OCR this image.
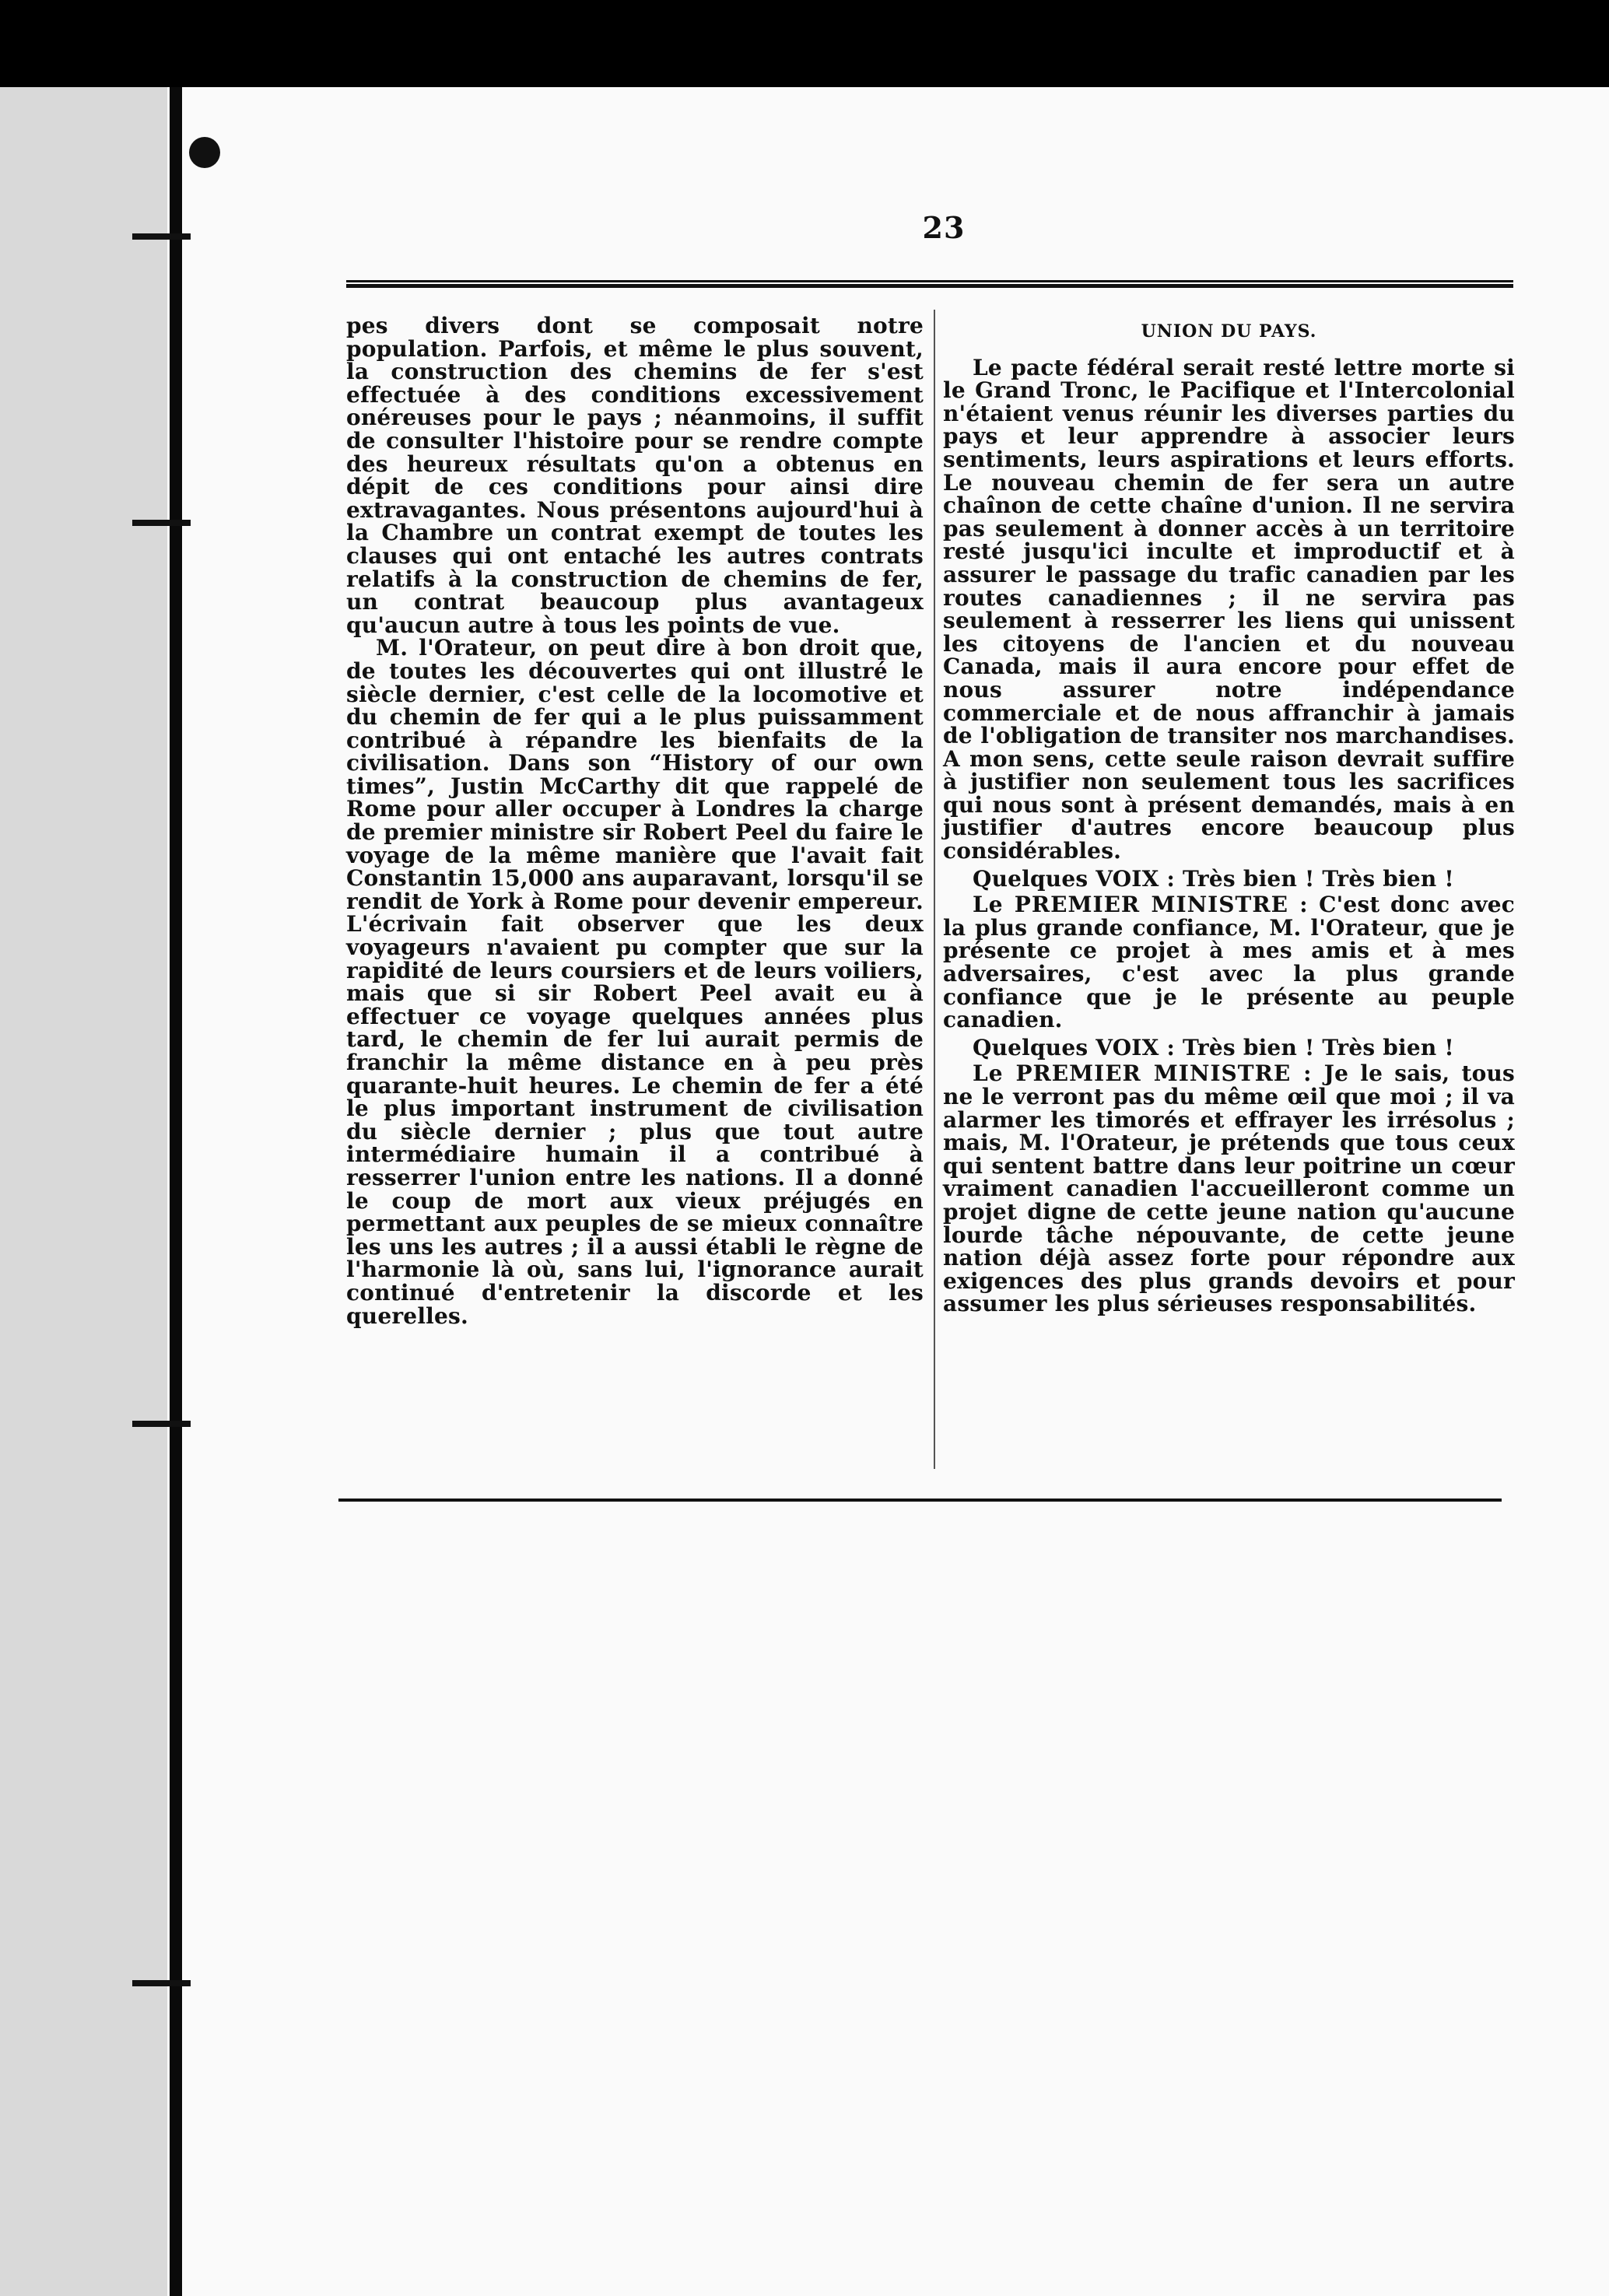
23

pes divers dont se composait notre population. Parfois, et même le plus souvent, la construction des chemins de fer s'est effectuée à des conditions excessivement onéreuses pour le pays ; néanmoins, il suffit de consulter l'histoire pour se rendre compte des heureux résultats qu'on a obtenus en dépit de ces conditions pour ainsi dire extravagantes. Nous présentons aujourd'hui à la Chambre un contrat exempt de toutes les clauses qui ont entaché les autres contrats relatifs à la construction de chemins de fer, un contrat beaucoup plus avantageux qu'aucun autre à tous les points de vue.

M. l'Orateur, on peut dire à bon droit que, de toutes les découvertes qui ont illustré le siècle dernier, c'est celle de la locomotive et du chemin de fer qui a le plus puissamment contribué à répandre les bienfaits de la civilisation. Dans son “History of our own times”, Justin McCarthy dit que rappelé de Rome pour aller occuper à Londres la charge de premier ministre sir Robert Peel du faire le voyage de la même manière que l'avait fait Constantin 15,000 ans auparavant, lorsqu'il se rendit de York à Rome pour devenir empereur. L'écrivain fait observer que les deux voyageurs n'avaient pu compter que sur la rapidité de leurs coursiers et de leurs voiliers, mais que si sir Robert Peel avait eu à effectuer ce voyage quelques années plus tard, le chemin de fer lui aurait permis de franchir la même distance en à peu près quarante-huit heures. Le chemin de fer a été le plus important instrument de civilisation du siècle dernier ; plus que tout autre intermédiaire humain il a contribué à resserrer l'union entre les nations. Il a donné le coup de mort aux vieux préjugés en permettant aux peuples de se mieux connaître les uns les autres ; il a aussi établi le règne de l'harmonie là où, sans lui, l'ignorance aurait continué d'entretenir la discorde et les querelles.

UNION DU PAYS.

Le pacte fédéral serait resté lettre morte si le Grand Tronc, le Pacifique et l'Intercolonial n'étaient venus réunir les diverses parties du pays et leur apprendre à associer leurs sentiments, leurs aspirations et leurs efforts. Le nouveau chemin de fer sera un autre chaînon de cette chaîne d'union. Il ne servira pas seulement à donner accès à un territoire resté jusqu'ici inculte et improductif et à assurer le passage du trafic canadien par les routes canadiennes ; il ne servira pas seulement à resserrer les liens qui unissent les citoyens de l'ancien et du nouveau Canada, mais il aura encore pour effet de nous assurer notre indépendance commerciale et de nous affranchir à jamais de l'obligation de transiter nos marchandises. A mon sens, cette seule raison devrait suffire à justifier non seulement tous les sacrifices qui nous sont à présent demandés, mais à en justifier d'autres encore beaucoup plus considérables.

Quelques VOIX : Très bien ! Très bien !

Le PREMIER MINISTRE : C'est donc avec la plus grande confiance, M. l'Orateur, que je présente ce projet à mes amis et à mes adversaires, c'est avec la plus grande confiance que je le présente au peuple canadien.

Quelques VOIX : Très bien ! Très bien !

Le PREMIER MINISTRE : Je le sais, tous ne le verront pas du même œil que moi ; il va alarmer les timorés et effrayer les irrésolus ; mais, M. l'Orateur, je prétends que tous ceux qui sentent battre dans leur poitrine un cœur vraiment canadien l'accueilleront comme un projet digne de cette jeune nation qu'aucune lourde tâche népouvante, de cette jeune nation déjà assez forte pour répondre aux exigences des plus grands devoirs et pour assumer les plus sérieuses responsabilités.
